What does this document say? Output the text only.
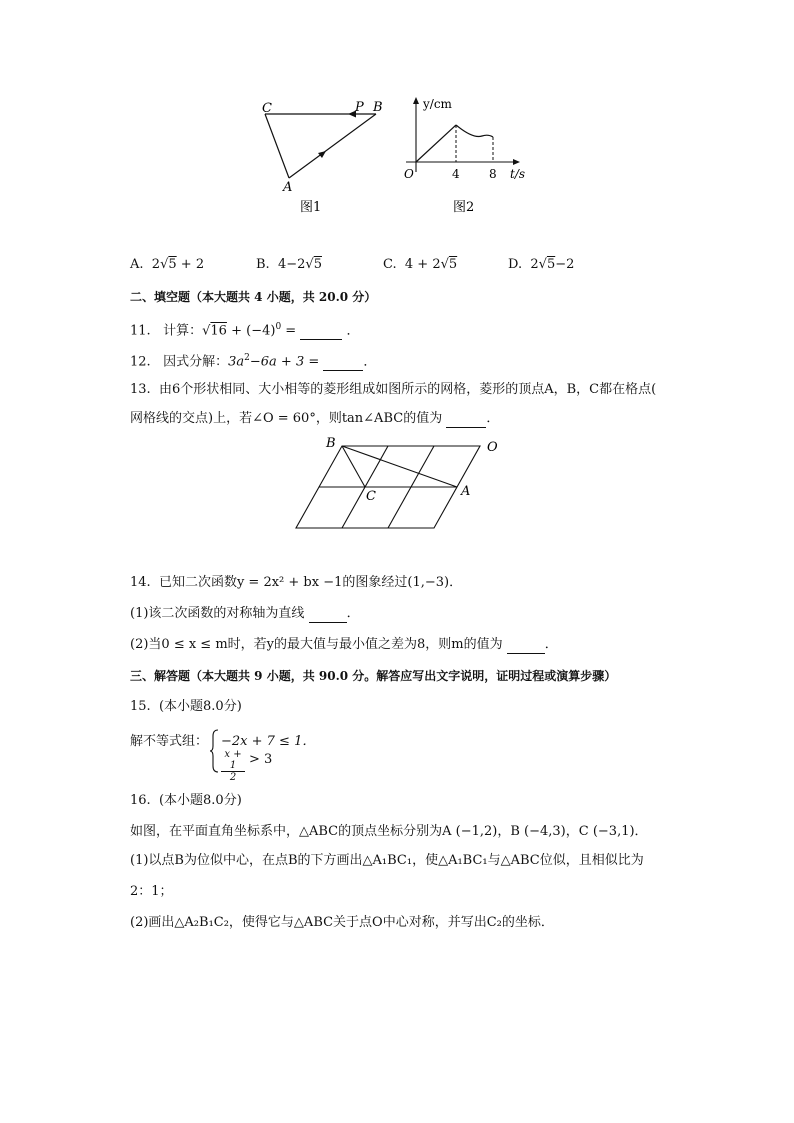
C	P B
A
图1
y/cm
t/s
O	4 8
图2
A. 2√5 + 2	B. 4−2√5	C. 4 + 2√5	D. 2√5−2
二、填空题（本大题共 4 小题，共 20.0 分）
11. 计算：$√16 + (-4)^0$ =	．
12. 因式分解：$3a^2-6a + 3$ =	．
13. 由6个形状相同、大小相等的菱形组成如图所示的网格，菱形的顶点A，B，C都在格点(
网格线的交点)上，若∠O = 60°，则tan∠ABC的值为	．
B	O
C	A
14. 已知二次函数y = 2x² + bx −1的图象经过(1,−3)．
(1)该二次函数的对称轴为直线	．
(2)当0 ≤ x ≤ m时，若y的最大值与最小值之差为8，则m的值为	．
三、解答题（本大题共 9 小题，共 90.0 分。解答应写出文字说明，证明过程或演算步骤）
15. (本小题8.0分)
解不等式组： −2x + 7 ≤ 1．
x + 1
2
> 3
16. (本小题8.0分)
如图，在平面直角坐标系中，△ABC的顶点坐标分别为A (−1,2)，B (−4,3)，C (−3,1)．
(1)以点B为位似中心，在点B的下方画出△A₁BC₁，使△A₁BC₁与△ABC位似，且相似比为
2：1；
(2)画出△A₂B₁C₂，使得它与△ABC关于点O中心对称，并写出C₂的坐标．
